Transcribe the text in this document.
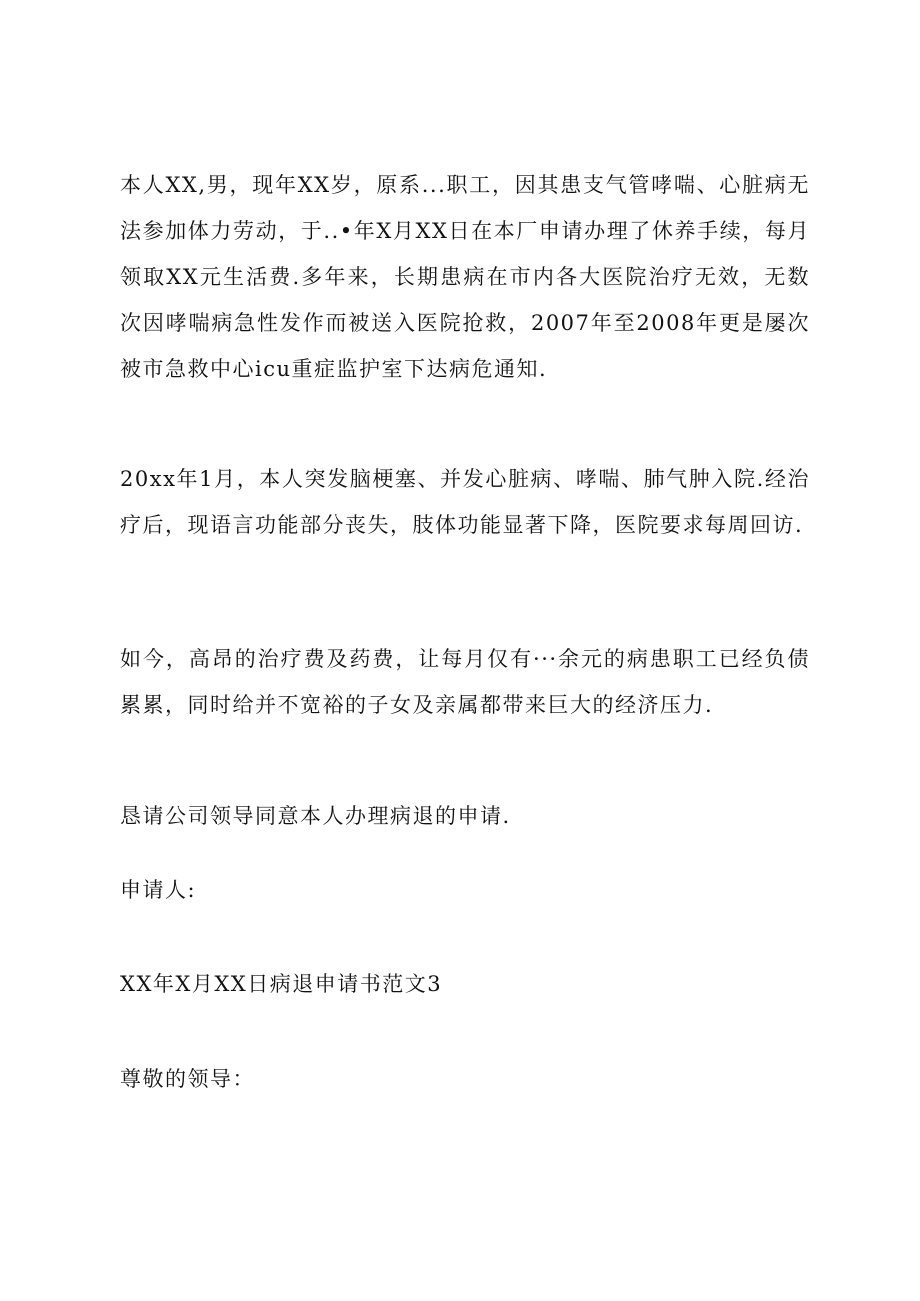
本人XX,男，现年XX岁，原系...职工，因其患支气管哮喘、心脏病无法参加体力劳动，于..•年X月XX日在本厂申请办理了休养手续，每月领取XX元生活费.多年来，长期患病在市内各大医院治疗无效，无数次因哮喘病急性发作而被送入医院抢救，2007年至2008年更是屡次被市急救中心icu重症监护室下达病危通知.

20xx年1月，本人突发脑梗塞、并发心脏病、哮喘、肺气肿入院.经治疗后，现语言功能部分丧失，肢体功能显著下降，医院要求每周回访.

如今，高昂的治疗费及药费，让每月仅有···余元的病患职工已经负债累累，同时给并不宽裕的子女及亲属都带来巨大的经济压力.

恳请公司领导同意本人办理病退的申请.

申请人:

XX年X月XX日病退申请书范文3

尊敬的领导：
